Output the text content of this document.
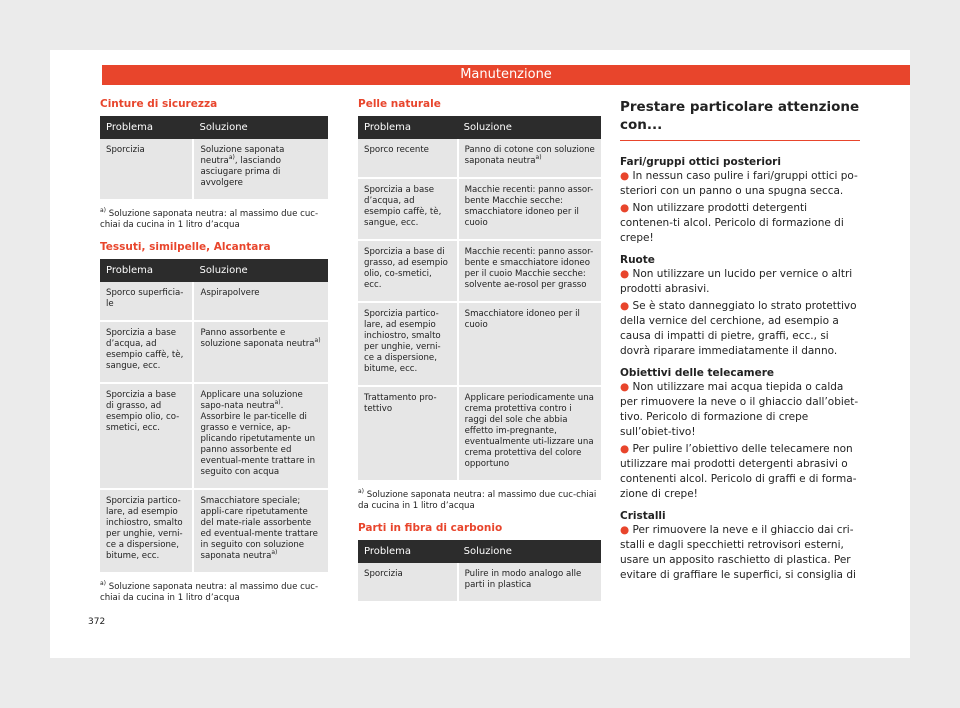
Manutenzione
Cinture di sicurezza
Problema	Soluzione
Sporcizia	Soluzione saponata neutra$^{a)}$, lasciando asciugare prima di avvolgere
$^{a)}$ Soluzione saponata neutra: al massimo due cuc-chiai da cucina in 1 litro d’acqua
Tessuti, similpelle, Alcantara
Problema	Soluzione
Sporco superficia-le	Aspirapolvere
Sporcizia a base d’acqua, ad esempio caffè, tè, sangue, ecc.	Panno assorbente e soluzione saponata neutra$^{a)}$
Sporcizia a base di grasso, ad esempio olio, co-smetici, ecc.	Applicare una soluzione sapo-nata neutra$^{a)}$. Assorbire le par-ticelle di grasso e vernice, ap-plicando ripetutamente un panno assorbente ed eventual-mente trattare in seguito con acqua
Sporcizia partico-lare, ad esempio inchiostro, smalto per unghie, verni-ce a dispersione, bitume, ecc.	Smacchiatore speciale; appli-care ripetutamente del mate-riale assorbente ed eventual-mente trattare in seguito con soluzione saponata neutra$^{a)}$
$^{a)}$ Soluzione saponata neutra: al massimo due cuc-chiai da cucina in 1 litro d’acqua
Pelle naturale
Problema	Soluzione
Sporco recente	Panno di cotone con soluzione saponata neutra$^{a)}$
Sporcizia a base d’acqua, ad esempio caffè, tè, sangue, ecc.	Macchie recenti: panno assor-bente Macchie secche: smacchiatore idoneo per il cuoio
Sporcizia a base di grasso, ad esempio olio, co-smetici, ecc.	Macchie recenti: panno assor-bente e smacchiatore idoneo per il cuoio Macchie secche: solvente ae-rosol per grasso
Sporcizia partico-lare, ad esempio inchiostro, smalto per unghie, verni-ce a dispersione, bitume, ecc.	Smacchiatore idoneo per il cuoio
Trattamento pro-tettivo	Applicare periodicamente una crema protettiva contro i raggi del sole che abbia effetto im-pregnante, eventualmente uti-lizzare una crema protettiva del colore opportuno
$^{a)}$ Soluzione saponata neutra: al massimo due cuc-chiai da cucina in 1 litro d’acqua
Parti in fibra di carbonio
Problema	Soluzione
Sporcizia	Pulire in modo analogo alle parti in plastica
Prestare particolare attenzione con...
Fari/gruppi ottici posteriori
● In nessun caso pulire i fari/gruppi ottici po-steriori con un panno o una spugna secca.
● Non utilizzare prodotti detergenti contenen-ti alcol. Pericolo di formazione di crepe!
Ruote
● Non utilizzare un lucido per vernice o altri prodotti abrasivi.
● Se è stato danneggiato lo strato protettivo della vernice del cerchione, ad esempio a causa di impatti di pietre, graffi, ecc., si dovrà riparare immediatamente il danno.
Obiettivi delle telecamere
● Non utilizzare mai acqua tiepida o calda per rimuovere la neve o il ghiaccio dall’obiet-tivo. Pericolo di formazione di crepe sull’obiet-tivo!
● Per pulire l’obiettivo delle telecamere non utilizzare mai prodotti detergenti abrasivi o contenenti alcol. Pericolo di graffi e di forma-zione di crepe!
Cristalli
● Per rimuovere la neve e il ghiaccio dai cri-stalli e dagli specchietti retrovisori esterni, usare un apposito raschietto di plastica. Per evitare di graffiare le superfici, si consiglia di
372
